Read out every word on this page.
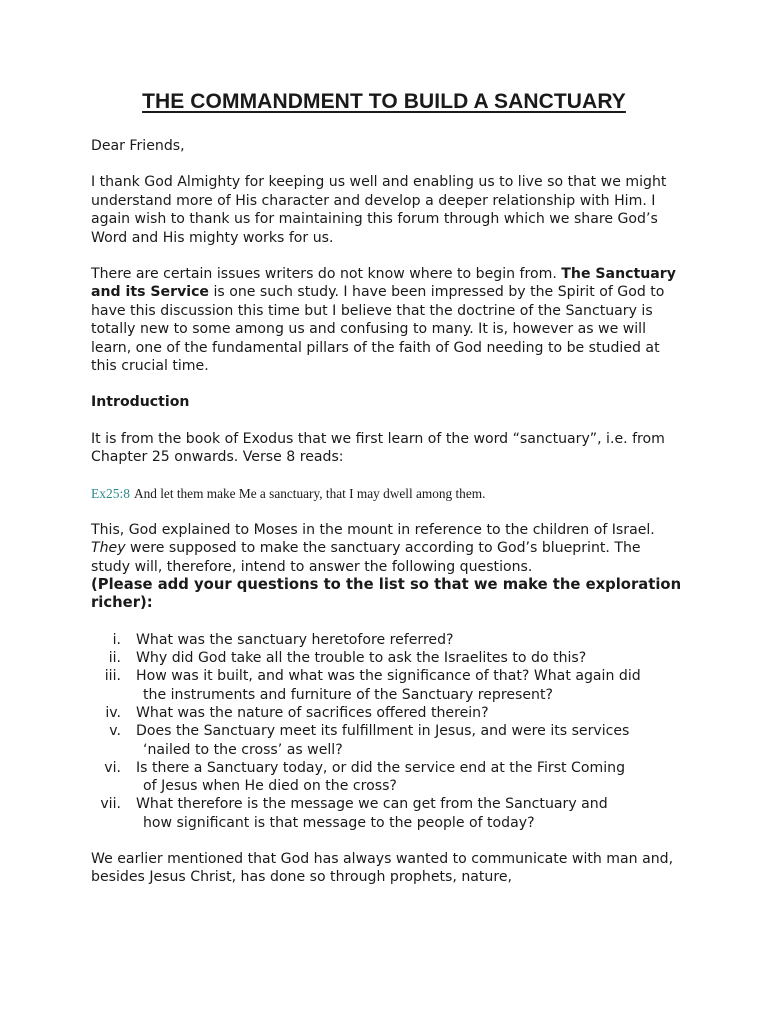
THE COMMANDMENT TO BUILD A SANCTUARY

Dear Friends,

I thank God Almighty for keeping us well and enabling us to live so that we might understand more of His character and develop a deeper relationship with Him. I again wish to thank us for maintaining this forum through which we share God’s Word and His mighty works for us.

There are certain issues writers do not know where to begin from. The Sanctuary and its Service is one such study. I have been impressed by the Spirit of God to have this discussion this time but I believe that the doctrine of the Sanctuary is totally new to some among us and confusing to many. It is, however as we will learn, one of the fundamental pillars of the faith of God needing to be studied at this crucial time.

Introduction

It is from the book of Exodus that we first learn of the word “sanctuary”, i.e. from Chapter 25 onwards. Verse 8 reads:

Ex25:8 And let them make Me a sanctuary, that I may dwell among them.

This, God explained to Moses in the mount in reference to the children of Israel. They were supposed to make the sanctuary according to God’s blueprint. The study will, therefore, intend to answer the following questions.
(Please add your questions to the list so that we make the exploration richer):

i. What was the sanctuary heretofore referred?
ii. Why did God take all the trouble to ask the Israelites to do this?
iii. How was it built, and what was the significance of that? What again did
the instruments and furniture of the Sanctuary represent?
iv. What was the nature of sacrifices offered therein?
v. Does the Sanctuary meet its fulfillment in Jesus, and were its services
‘nailed to the cross’ as well?
vi. Is there a Sanctuary today, or did the service end at the First Coming
of Jesus when He died on the cross?
vii. What therefore is the message we can get from the Sanctuary and
how significant is that message to the people of today?

We earlier mentioned that God has always wanted to communicate with man and, besides Jesus Christ, has done so through prophets, nature,
